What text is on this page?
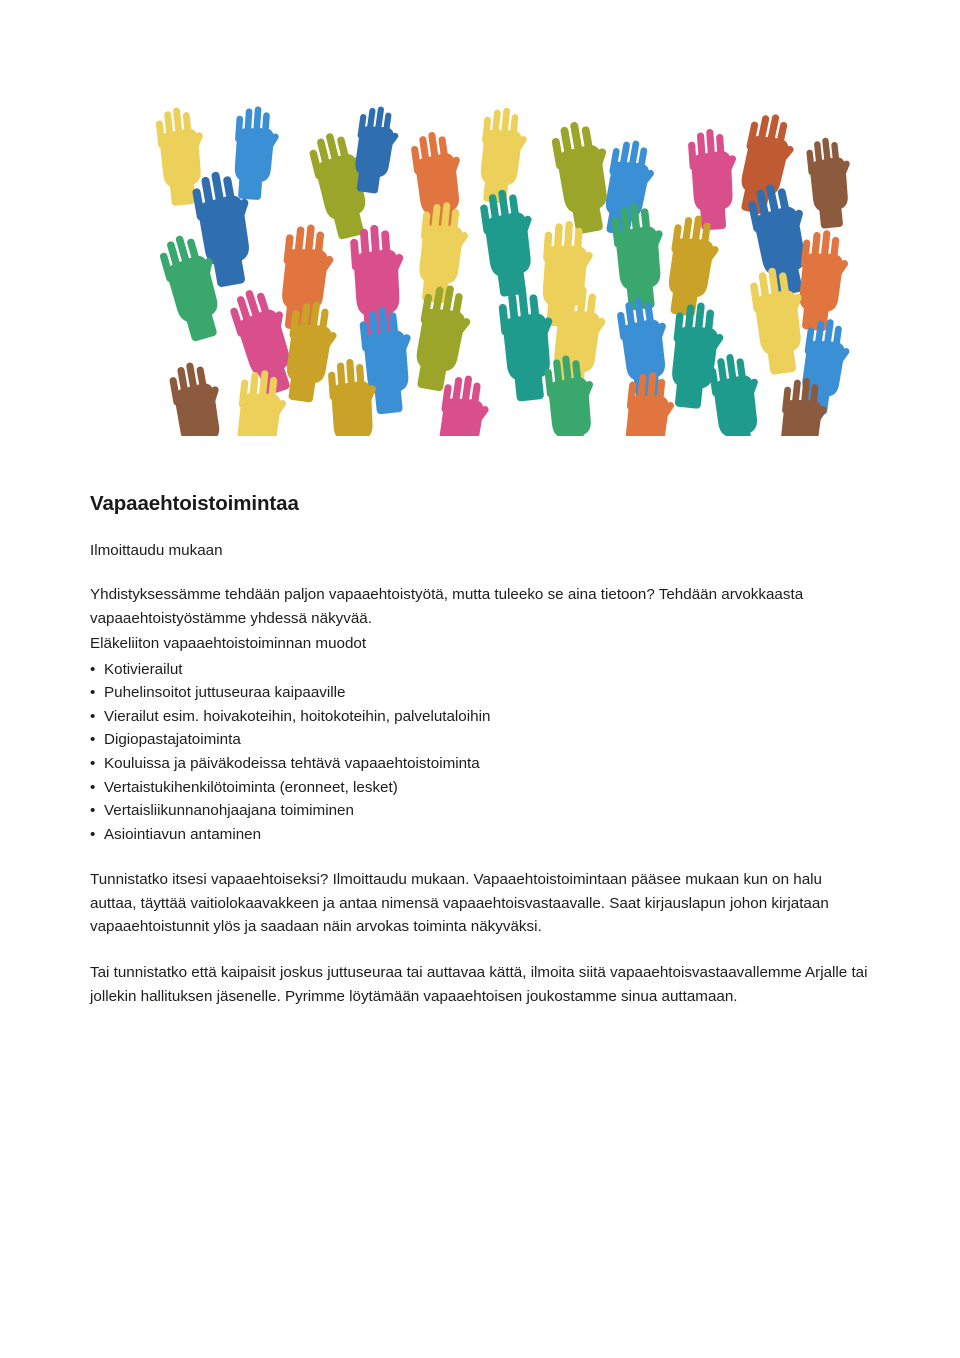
Vapaaehtoistoimintaa

Ilmoittaudu mukaan

Yhdistyksessämme tehdään paljon vapaaehtoistyötä, mutta tuleeko se aina tietoon? Tehdään arvokkaasta vapaaehtoistyöstämme yhdessä näkyvää.

Eläkeliiton vapaaehtoistoiminnan muodot

• Kotivierailut
• Puhelinsoitot juttuseuraa kaipaaville
• Vierailut esim. hoivakoteihin, hoitokoteihin, palvelutaloihin
• Digiopastajatoiminta
• Kouluissa ja päiväkodeissa tehtävä vapaaehtoistoiminta
• Vertaistukihenkilötoiminta (eronneet, lesket)
• Vertaisliikunnanohjaajana toimiminen
• Asiointiavun antaminen

Tunnistatko itsesi vapaaehtoiseksi? Ilmoittaudu mukaan. Vapaaehtoistoimintaan pääsee mukaan kun on halu auttaa, täyttää vaitiolokaavakkeen ja antaa nimensä vapaaehtoisvastaavalle. Saat kirjauslapun johon kirjataan vapaaehtoistunnit ylös ja saadaan näin arvokas toiminta näkyväksi.

Tai tunnistatko että kaipaisit joskus juttuseuraa tai auttavaa kättä, ilmoita siitä vapaaehtoisvastaavallemme Arjalle tai jollekin hallituksen jäsenelle. Pyrimme löytämään vapaaehtoisen joukostamme sinua auttamaan.
